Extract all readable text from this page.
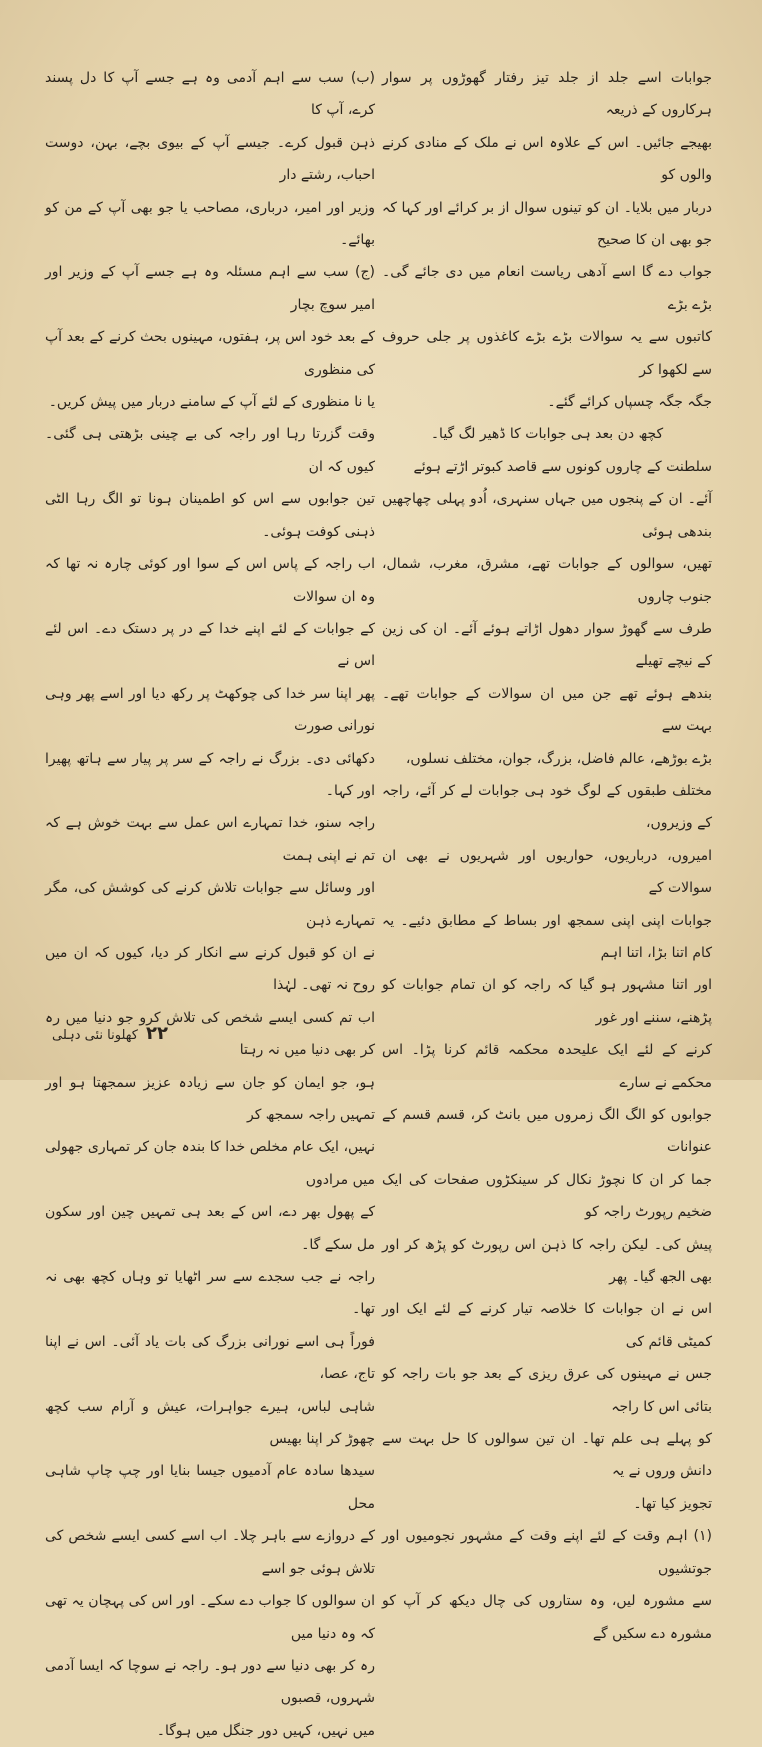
جوابات اسے جلد از جلد تیز رفتار گھوڑوں پر سوار ہرکاروں کے ذریعہ

بھیجے جائیں۔ اس کے علاوہ اس نے ملک کے منادی کرنے والوں کو

دربار میں بلایا۔ ان کو تینوں سوال از بر کرائے اور کہا کہ جو بھی ان کا صحیح

جواب دے گا اسے آدھی ریاست انعام میں دی جائے گی۔ بڑے بڑے

کاتبوں سے یہ سوالات بڑے بڑے کاغذوں پر جلی حروف سے لکھوا کر

جگہ جگہ چسپاں کرائے گئے۔

کچھ دن بعد ہی جوابات کا ڈھیر لگ گیا۔

سلطنت کے چاروں کونوں سے قاصد کبوتر اڑتے ہوئے

آئے۔ ان کے پنجوں میں جہاں سنہری، اُدو پہلی چھاچھیں بندھی ہوئی

تھیں، سوالوں کے جوابات تھے، مشرق، مغرب، شمال، جنوب چاروں

طرف سے گھوڑ سوار دھول اڑاتے ہوئے آئے۔ ان کی زین کے نیچے تھیلے

بندھے ہوئے تھے جن میں ان سوالات کے جوابات تھے۔ بہت سے

بڑے بوڑھے، عالم فاضل، بزرگ، جوان، مختلف نسلوں،

مختلف طبقوں کے لوگ خود ہی جوابات لے کر آئے، راجہ کے وزیروں،

امیروں، درباریوں، حواریوں اور شہریوں نے بھی ان سوالات کے

جوابات اپنی اپنی سمجھ اور بساط کے مطابق دئیے۔ یہ کام اتنا بڑا، اتنا اہم

اور اتنا مشہور ہو گیا کہ راجہ کو ان تمام جوابات کو پڑھنے، سننے اور غور

کرنے کے لئے ایک علیحدہ محکمہ قائم کرنا پڑا۔ اس محکمے نے سارے

جوابوں کو الگ الگ زمروں میں بانٹ کر، قسم قسم کے عنوانات

جما کر ان کا نچوڑ نکال کر سینکڑوں صفحات کی ایک ضخیم رپورٹ راجہ کو

پیش کی۔ لیکن راجہ کا ذہن اس رپورٹ کو پڑھ کر اور بھی الجھ گیا۔ پھر

اس نے ان جوابات کا خلاصہ تیار کرنے کے لئے ایک اور کمیٹی قائم کی

جس نے مہینوں کی عرق ریزی کے بعد جو بات راجہ کو بتائی اس کا راجہ

کو پہلے ہی علم تھا۔ ان تین سوالوں کا حل بہت سے دانش وروں نے یہ

تجویز کیا تھا۔

(۱) اہم وقت کے لئے اپنے وقت کے مشہور نجومیوں اور جوتشیوں

سے مشورہ لیں، وہ ستاروں کی چال دیکھ کر آپ کو مشورہ دے سکیں گے

(ب) سب سے اہم آدمی وہ ہے جسے آپ کا دل پسند کرے، آپ کا

ذہن قبول کرے۔ جیسے آپ کے بیوی بچے، بہن، دوست احباب، رشتے دار

وزیر اور امیر، درباری، مصاحب یا جو بھی آپ کے من کو بھائے۔

(ج) سب سے اہم مسئلہ وہ ہے جسے آپ کے وزیر اور امیر سوچ بچار

کے بعد خود اس پر، ہفتوں، مہینوں بحث کرنے کے بعد آپ کی منظوری

یا نا منظوری کے لئے آپ کے سامنے دربار میں پیش کریں۔

وقت گزرتا رہا اور راجہ کی بے چینی بڑھتی ہی گئی۔ کیوں کہ ان

تین جوابوں سے اس کو اطمینان ہونا تو الگ رہا الٹی ذہنی کوفت ہوئی۔

اب راجہ کے پاس اس کے سوا اور کوئی چارہ نہ تھا کہ وہ ان سوالات

کے جوابات کے لئے اپنے خدا کے در پر دستک دے۔ اس لئے اس نے

پھر اپنا سر خدا کی چوکھٹ پر رکھ دیا اور اسے پھر وہی نورانی صورت

دکھائی دی۔ بزرگ نے راجہ کے سر پر پیار سے ہاتھ پھیرا اور کہا۔

راجہ سنو، خدا تمہارے اس عمل سے بہت خوش ہے کہ تم نے اپنی ہمت

اور وسائل سے جوابات تلاش کرنے کی کوشش کی، مگر تمہارے ذہن

نے ان کو قبول کرنے سے انکار کر دیا، کیوں کہ ان میں روح نہ تھی۔ لہٰذا

اب تم کسی ایسے شخص کی تلاش کرو جو دنیا میں رہ کر بھی دنیا میں نہ رہتا

ہو، جو ایمان کو جان سے زیادہ عزیز سمجھتا ہو اور تمہیں راجہ سمجھ کر

نہیں، ایک عام مخلص خدا کا بندہ جان کر تمہاری جھولی میں مرادوں

کے پھول بھر دے، اس کے بعد ہی تمہیں چین اور سکون مل سکے گا۔

راجہ نے جب سجدے سے سر اٹھایا تو وہاں کچھ بھی نہ تھا۔

فوراً ہی اسے نورانی بزرگ کی بات یاد آئی۔ اس نے اپنا تاج، عصا،

شاہی لباس، ہیرے جواہرات، عیش و آرام سب کچھ چھوڑ کر اپنا بھیس

سیدھا سادہ عام آدمیوں جیسا بنایا اور چپ چاپ شاہی محل

کے دروازے سے باہر چلا۔ اب اسے کسی ایسے شخص کی تلاش ہوئی جو اسے

ان سوالوں کا جواب دے سکے۔ اور اس کی پہچان یہ تھی کہ وہ دنیا میں

رہ کر بھی دنیا سے دور ہو۔ راجہ نے سوچا کہ ایسا آدمی شہروں، قصبوں

میں نہیں، کہیں دور جنگل میں ہوگا۔

۲۲
کھلونا نئی دہلی
